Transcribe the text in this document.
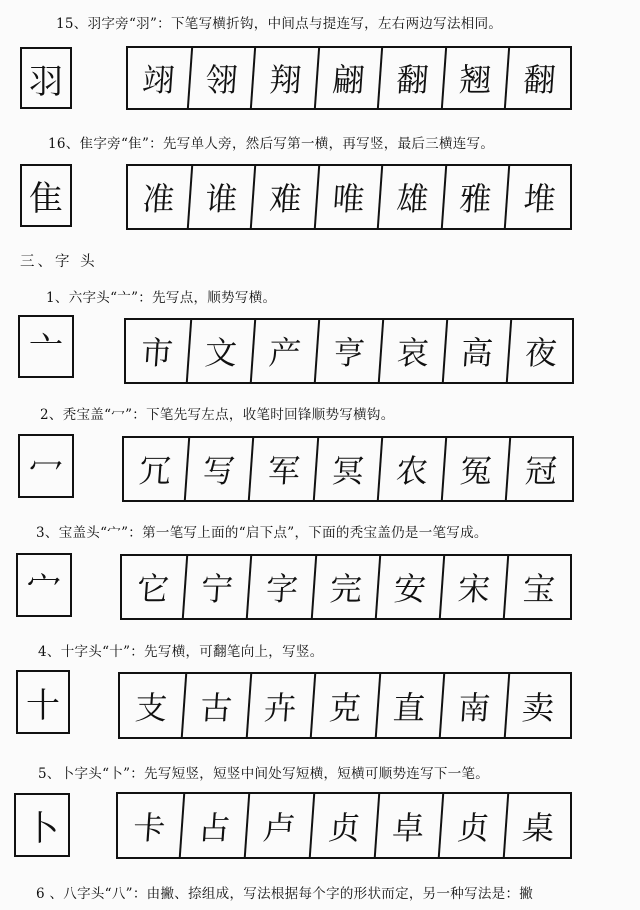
15、羽字旁“羽”：下笔写横折钩，中间点与提连写，左右两边写法相同。
羽	翊 翎 翔 翩 翻 翘 翻
16、隹字旁“隹”：先写单人旁，然后写第一横，再写竖，最后三横连写。
隹	准 谁 难 唯 雄 雅 堆
三、字 头
1、六字头“亠”：先写点，顺势写横。
亠	市 文 产 亨 哀 高 夜
2、秃宝盖“冖”：下笔先写左点，收笔时回锋顺势写横钩。
冖	冗 写 军 冥 农 冤 冠
3、宝盖头“宀”：第一笔写上面的“启下点”，下面的秃宝盖仍是一笔写成。
宀	它 宁 字 完 安 宋 宝
4、十字头“十”：先写横，可翻笔向上，写竖。
十	支 古 卉 克 直 南 卖
5、卜字头“卜”：先写短竖，短竖中间处写短横，短横可顺势连写下一笔。
卜	卡 占 卢 贞 卓 贞 桌
6 、八字头“八”：由撇、捺组成，写法根据每个字的形状而定，另一种写法是：撇
